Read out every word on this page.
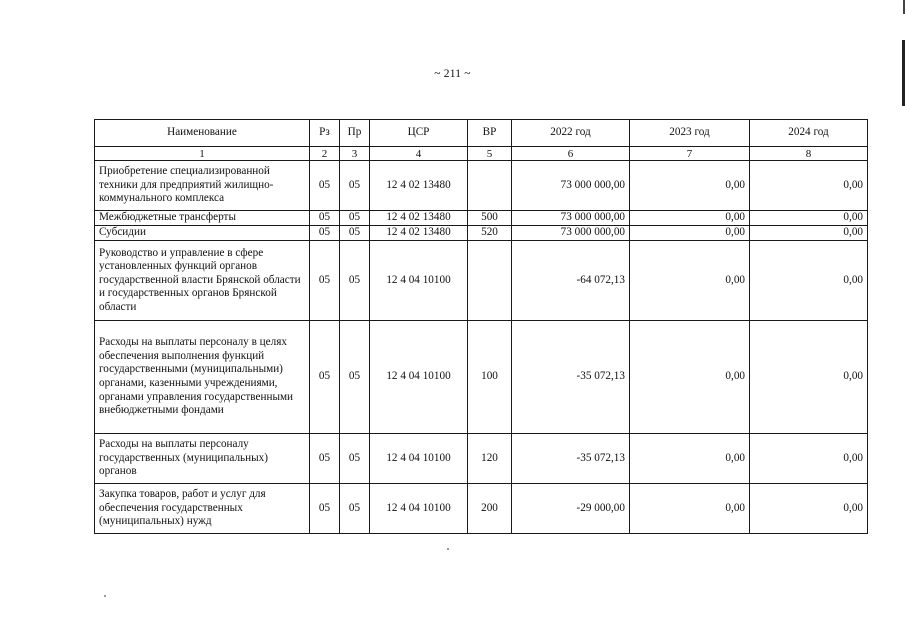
~ 211 ~
Наименование	Рз	Пр	ЦСР	ВР	2022 год	2023 год	2024 год
1	2	3	4	5	6	7	8
Приобретение специализированной техники для предприятий жилищно-коммунального комплекса	05	05	12 4 02 13480		73 000 000,00	0,00	0,00
Межбюджетные трансферты	05	05	12 4 02 13480	500	73 000 000,00	0,00	0,00
Субсидии	05	05	12 4 02 13480	520	73 000 000,00	0,00	0,00
Руководство и управление в сфере установленных функций органов государственной власти Брянской области и государственных органов Брянской области	05	05	12 4 04 10100		-64 072,13	0,00	0,00
Расходы на выплаты персоналу в целях обеспечения выполнения функций государственными (муниципальными) органами, казенными учреждениями, органами управления государственными внебюджетными фондами	05	05	12 4 04 10100	100	-35 072,13	0,00	0,00
Расходы на выплаты персоналу государственных (муниципальных) органов	05	05	12 4 04 10100	120	-35 072,13	0,00	0,00
Закупка товаров, работ и услуг для обеспечения государственных (муниципальных) нужд	05	05	12 4 04 10100	200	-29 000,00	0,00	0,00
